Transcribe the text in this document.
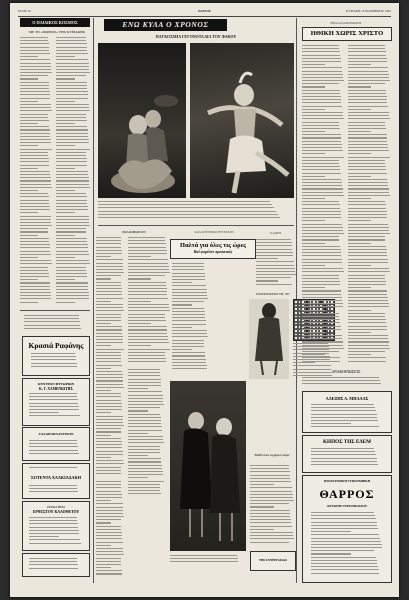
ΣΕΛΙΣ 16	ΘΑΡΡΟΣ	ΚΥΡΙΑΚΗ 18 ΝΟΕΜΒΡΙΟΥ 1962
Ο ΠΑΙΔΙΚΟΣ ΚΟΣΜΟΣ
ΜΕ ΤΟ «ΘΑΡΡΟΣ» ΤΗΣ ΚΥΡΙΑΚΗΣ
Κρασιά Ραφάνης
ΚΕΝΤΡΟΝ ΦΥΤΩΡΙΩΝ
Κ. Γ. ΧΑΜΕΝΙΩΤΗΣ
ΖΑΧΑΡΟΠΛΑΣΤΕΙΟΝ
ΣΟΤΕΝΤΑ ΧΑΛΚΙΑΔΑΚΗ
ΕΡΓΑΣΤΗΡΙΟ
ΕΡΝΕΣΤΟΥ ΚΑΛΟΘΕΤΟΥ
ΕΝΩ ΚΥΛΑ Ο ΧΡΟΝΟΣ
ΠΑΓΚΟΣΜΙΑ ΓΕΓΟΝΟΤΑ ΔΙΑ ΤΟΥ ΦΑΚΟΥ
ΡΑΔΙΟΦΩΝΟΝ	ΚΑΛΛΙΤΕΧΝΙΚΟ ΗΤΤΕΣΤΟΝ
Παλτά για όλες τις ώρες
Καί φορέστε πρακτικές
ΚΑΙΡΟΥ
ΣΤΑΥΡΟΛΕΞΟΝ ΥΠ' 357
Βαθύτατα ευχαριστούμε
ΤΗΣ ΣΥΝΕΡΓΑΣΙΑΣ
ΘΕΙΑΙ ΑΝΑΚΟΙΝΩΣΕΙΣ
ΗΘΙΚΗ ΧΩΡΙΣ ΧΡΙΣΤΟ
ΑΝΑΚΟΙΝΩΣΕΙΣ
ΑΛΕΞΗΣ Α. ΜΠΑΛΑΣ
ΚΗΠΟΣ ΤΗΣ ΕΔΕΜ
ΗΛΕΚΤΡΟΝΙΚΗ ΤΥΠΟΓΡΑΦΙΚΗ
ΘΑΡΡΟΣ
ΑΝΤΩΝΗ ΓΕΡΟΝΙΚΟΛΟΥ
